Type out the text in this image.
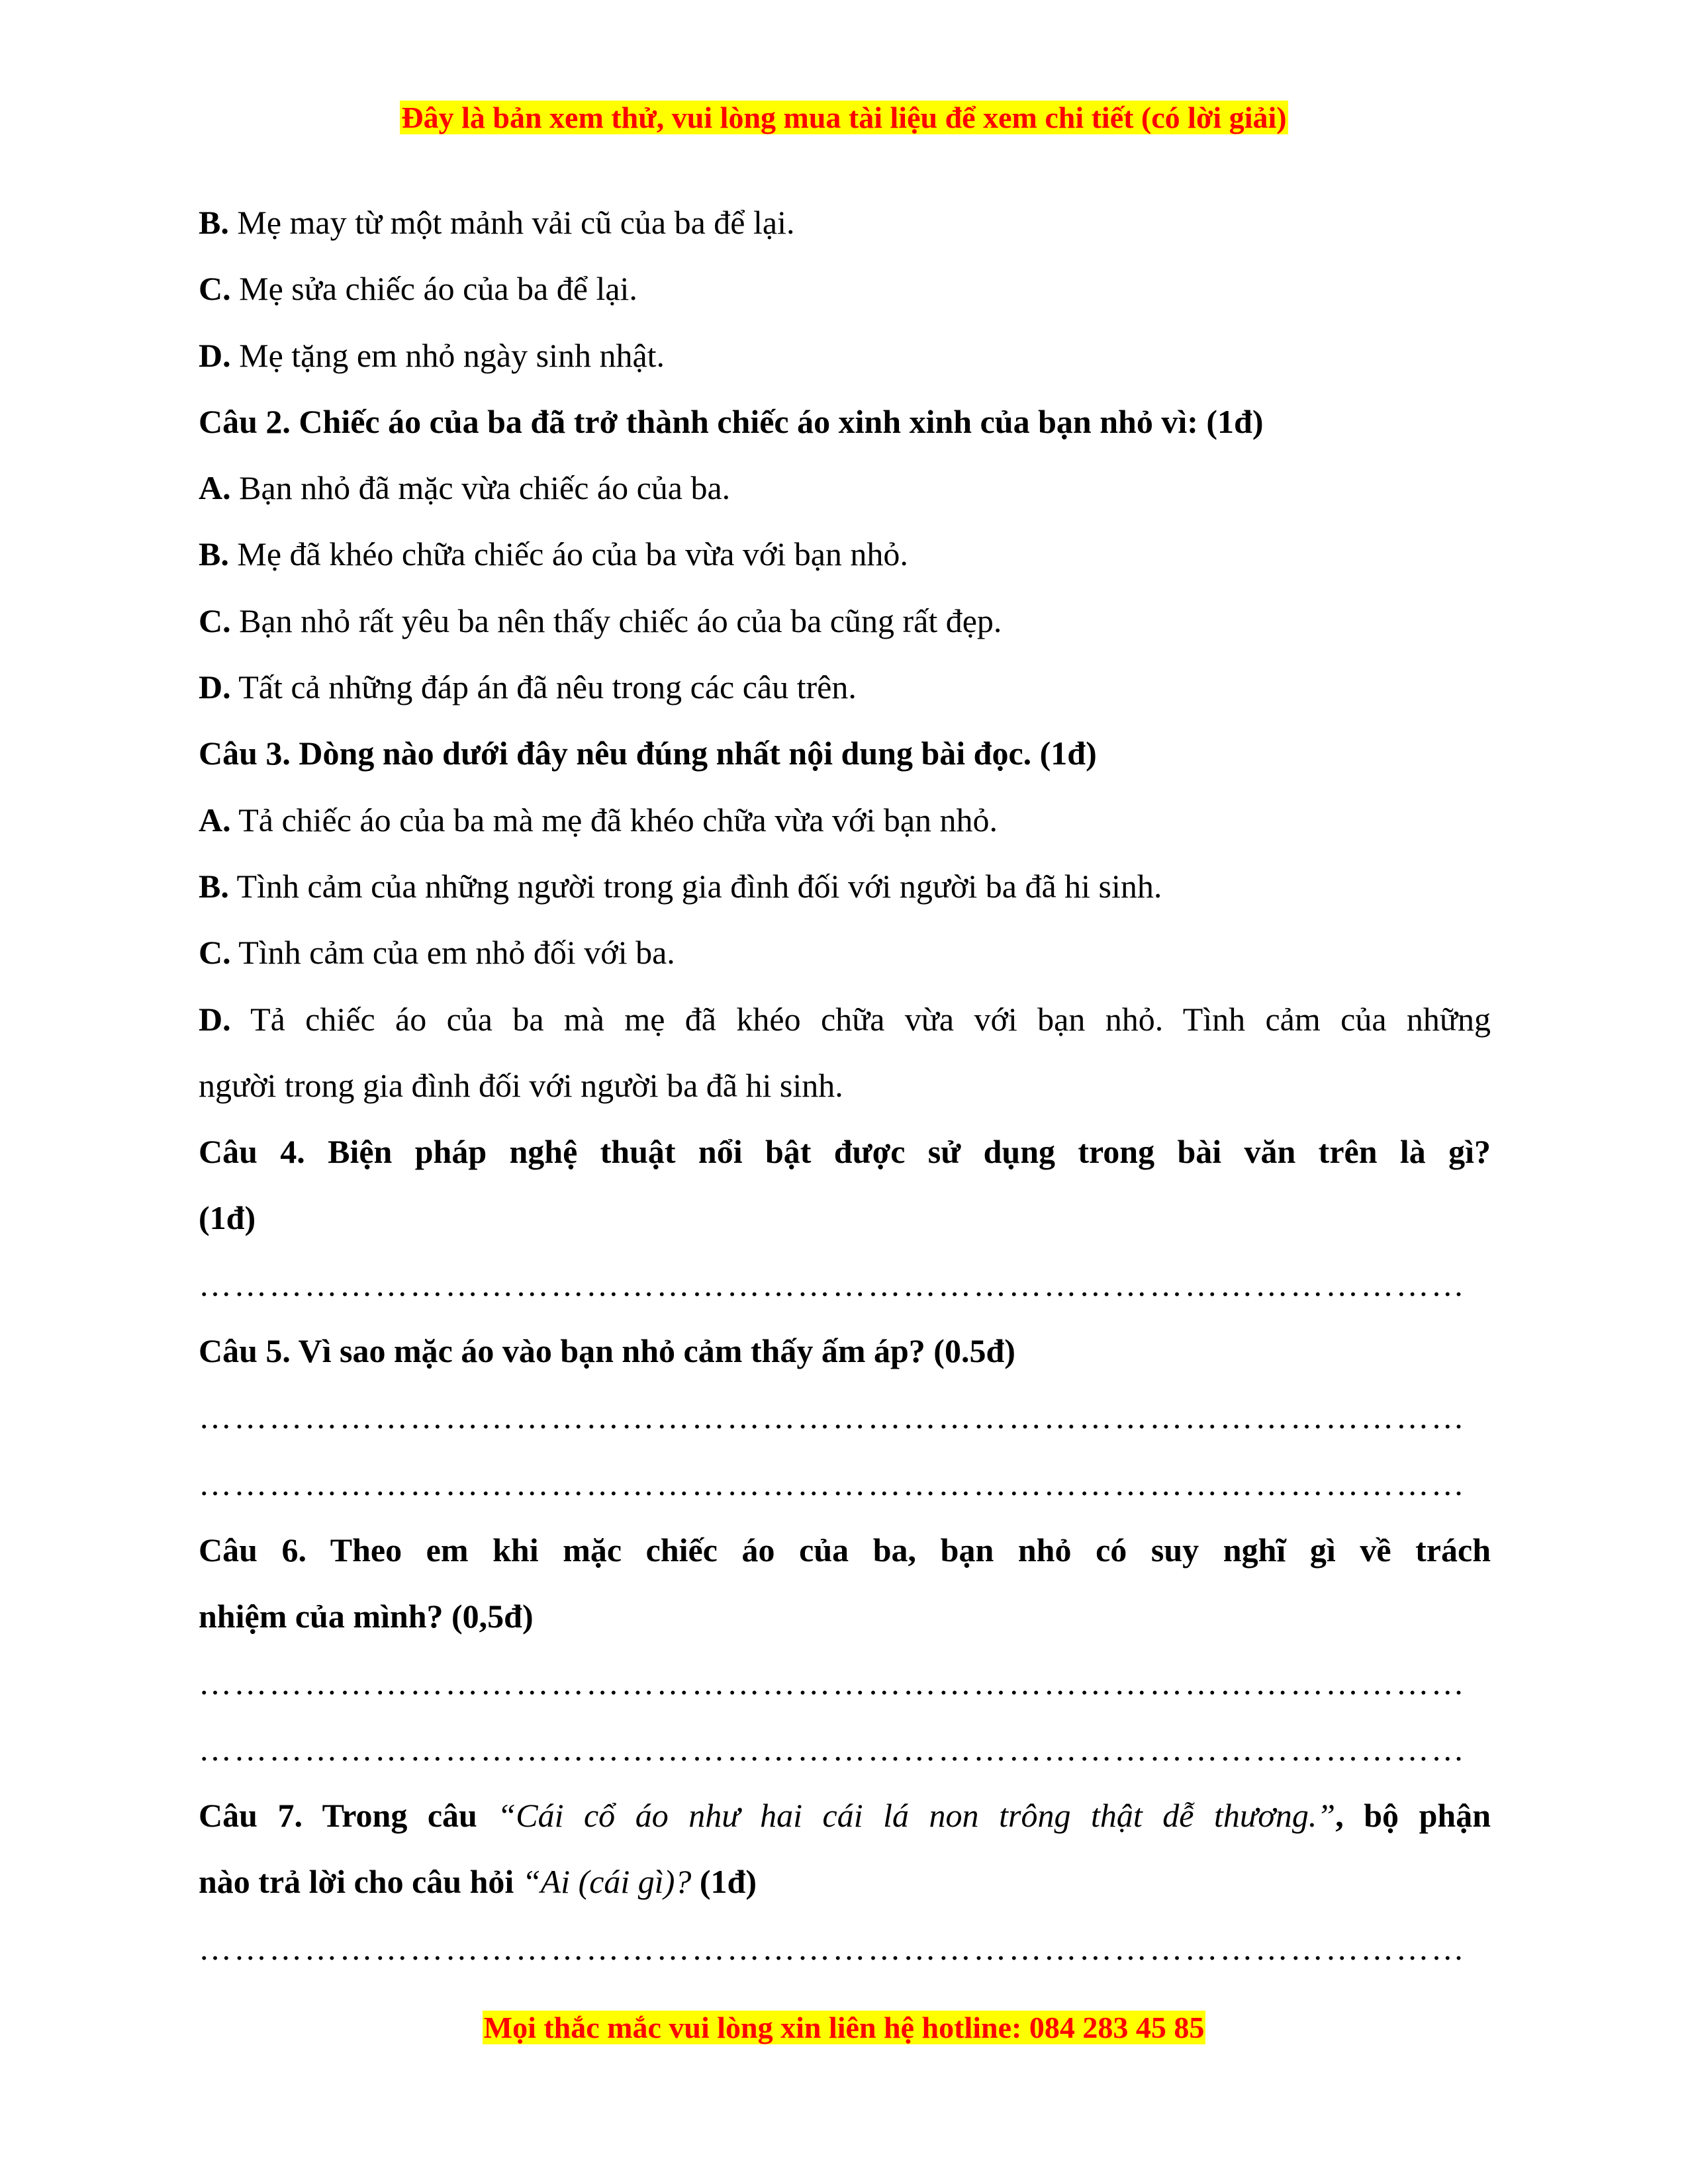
Đây là bản xem thử, vui lòng mua tài liệu để xem chi tiết (có lời giải)
B. Mẹ may từ một mảnh vải cũ của ba để lại.
C. Mẹ sửa chiếc áo của ba để lại.
D. Mẹ tặng em nhỏ ngày sinh nhật.
Câu 2. Chiếc áo của ba đã trở thành chiếc áo xinh xinh của bạn nhỏ vì: (1đ)
A. Bạn nhỏ đã mặc vừa chiếc áo của ba.
B. Mẹ đã khéo chữa chiếc áo của ba vừa với bạn nhỏ.
C. Bạn nhỏ rất yêu ba nên thấy chiếc áo của ba cũng rất đẹp.
D. Tất cả những đáp án đã nêu trong các câu trên.
Câu 3. Dòng nào dưới đây nêu đúng nhất nội dung bài đọc. (1đ)
A. Tả chiếc áo của ba mà mẹ đã khéo chữa vừa với bạn nhỏ.
B. Tình cảm của những người trong gia đình đối với người ba đã hi sinh.
C. Tình cảm của em nhỏ đối với ba.
D. Tả chiếc áo của ba mà mẹ đã khéo chữa vừa với bạn nhỏ. Tình cảm của những
người trong gia đình đối với người ba đã hi sinh.
Câu 4. Biện pháp nghệ thuật nổi bật được sử dụng trong bài văn trên là gì?
(1đ)
………………………………………………………………………………………………
Câu 5. Vì sao mặc áo vào bạn nhỏ cảm thấy ấm áp? (0.5đ)
………………………………………………………………………………………………
………………………………………………………………………………………………
Câu 6. Theo em khi mặc chiếc áo của ba, bạn nhỏ có suy nghĩ gì về trách
nhiệm của mình? (0,5đ)
………………………………………………………………………………………………
………………………………………………………………………………………………
Câu 7. Trong câu “Cái cổ áo như hai cái lá non trông thật dễ thương.”, bộ phận
nào trả lời cho câu hỏi “Ai (cái gì)? (1đ)
………………………………………………………………………………………………
Mọi thắc mắc vui lòng xin liên hệ hotline: 084 283 45 85
